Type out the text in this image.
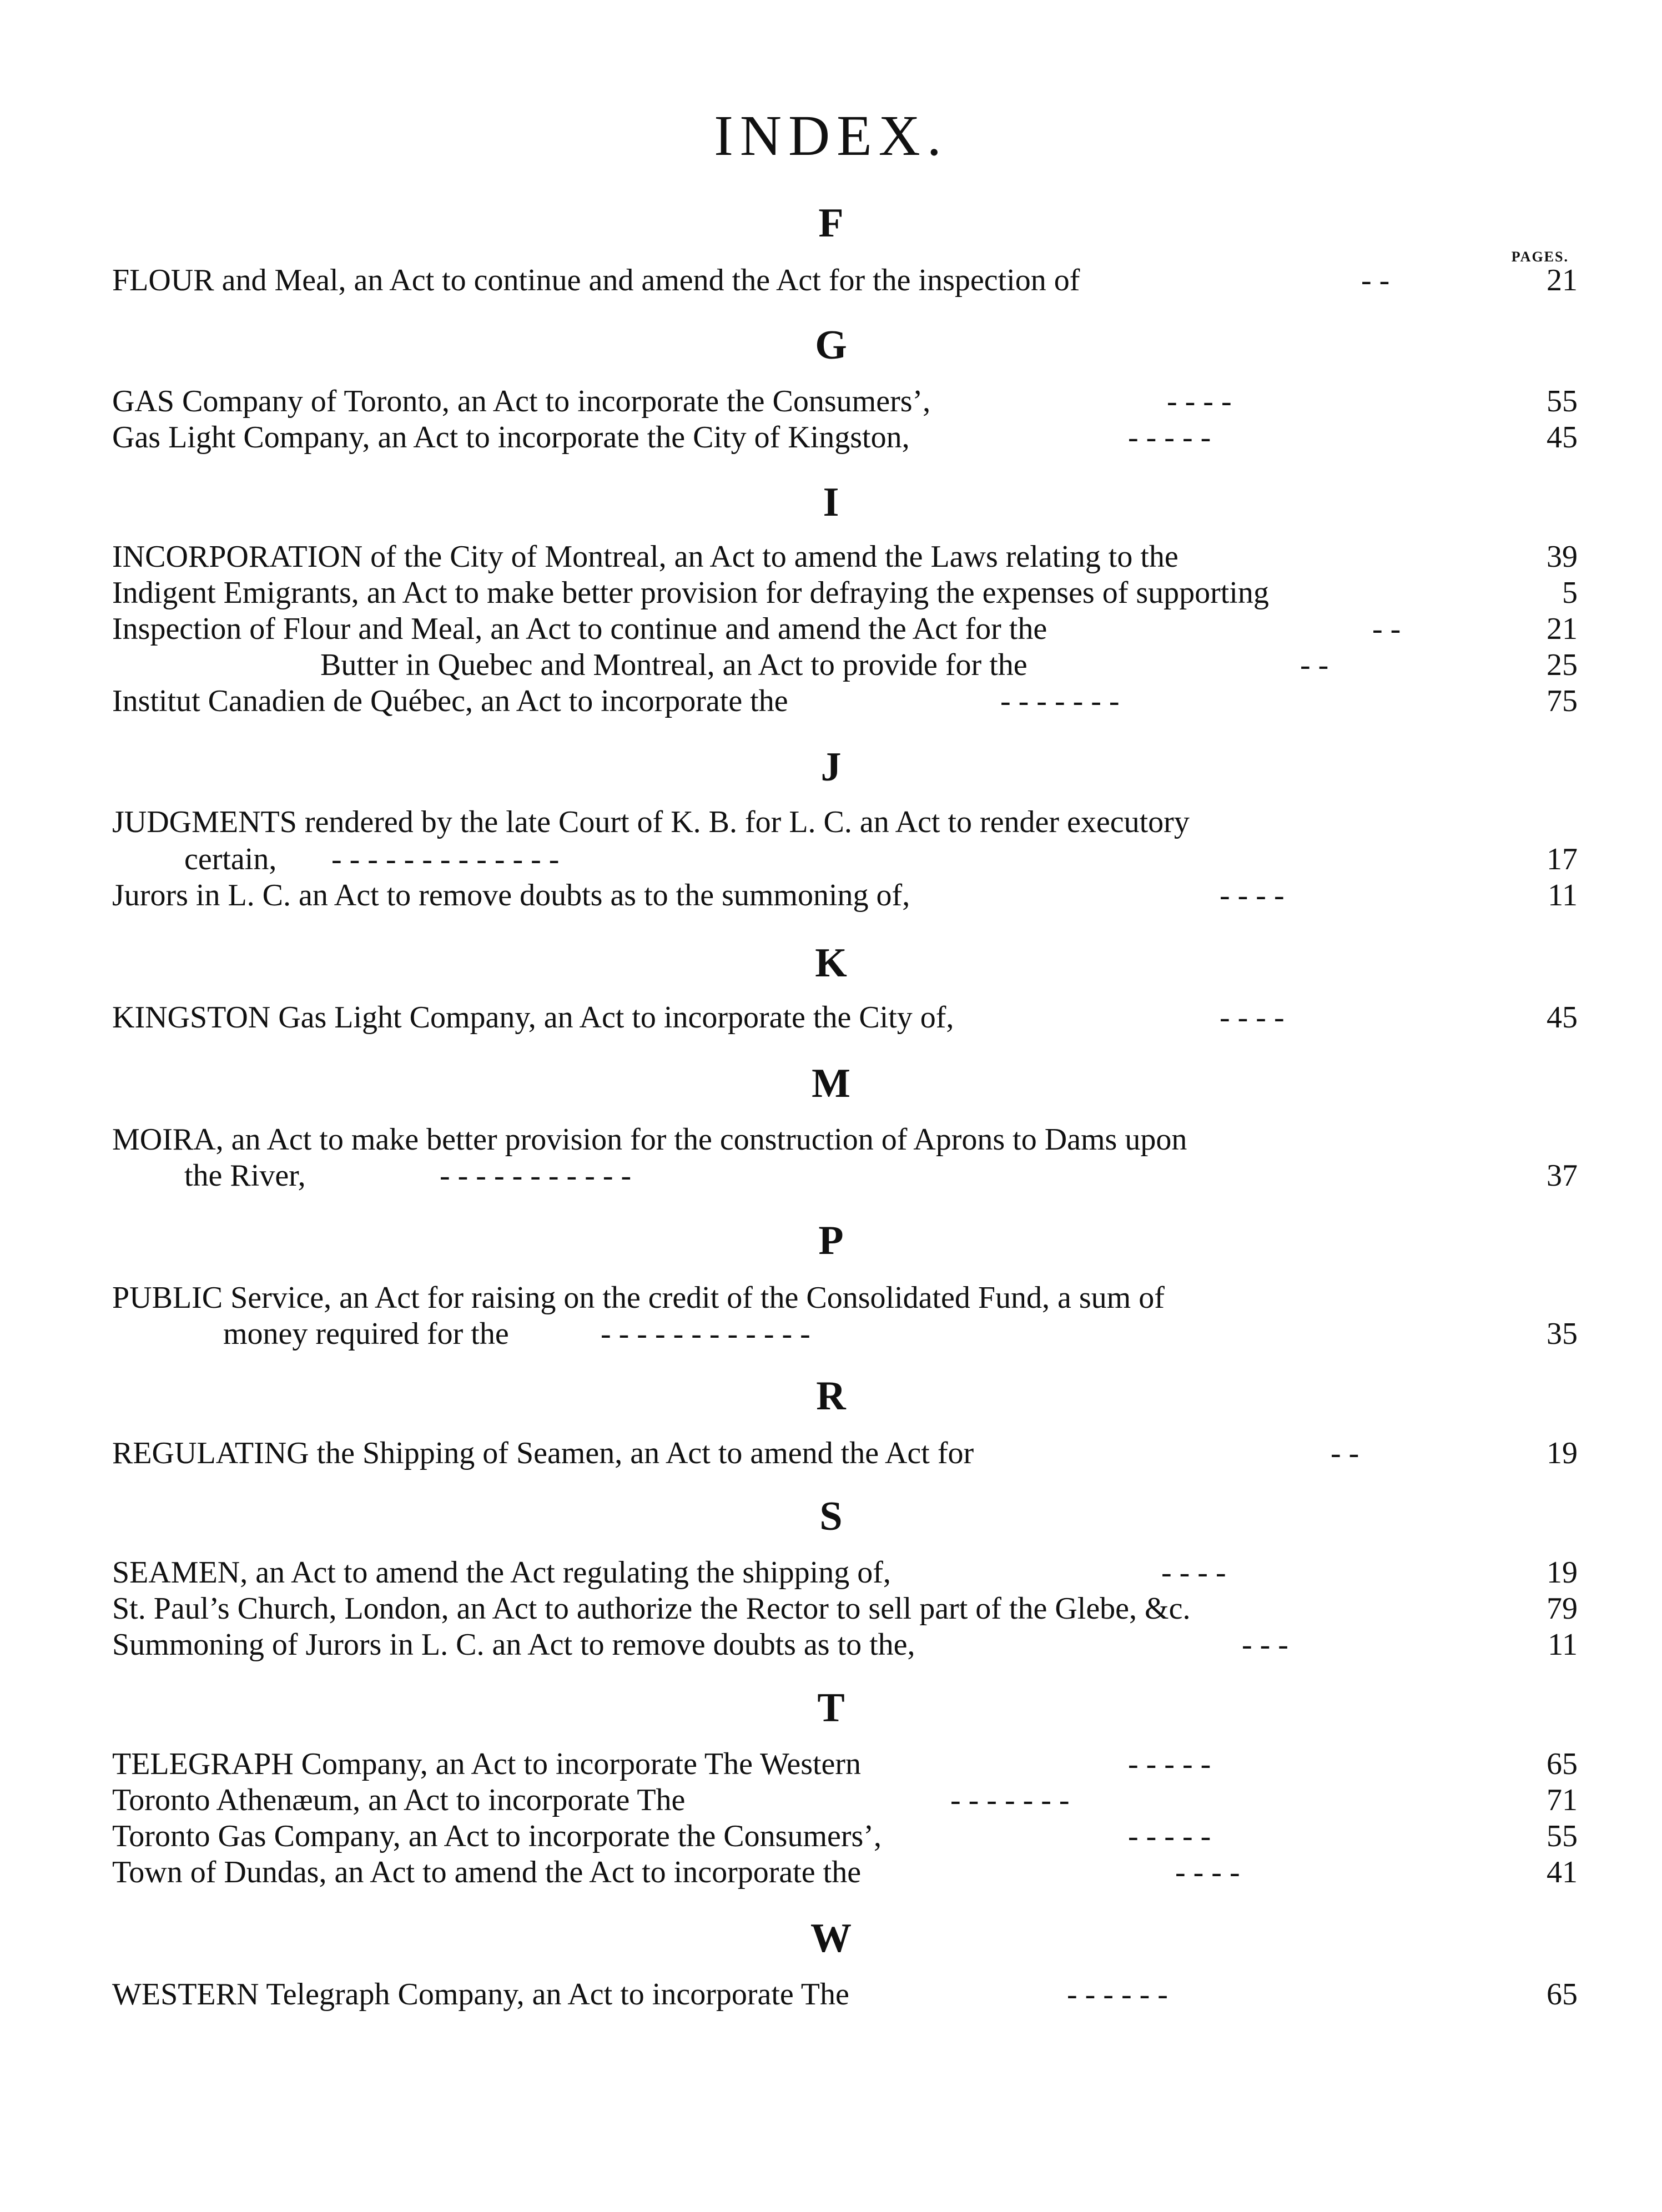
INDEX.
F
PAGES.
FLOUR and Meal, an Act to continue and amend the Act for the inspection of	- -	21
G
GAS Company of Toronto, an Act to incorporate the Consumers’,	- - - -	55
Gas Light Company, an Act to incorporate the City of Kingston,	- - - - -	45
I
INCORPORATION of the City of Montreal, an Act to amend the Laws relating to the	39
Indigent Emigrants, an Act to make better provision for defraying the expenses of supporting	5
Inspection of Flour and Meal, an Act to continue and amend the Act for the	- -	21
Butter in Quebec and Montreal, an Act to provide for the	- -	25
Institut Canadien de Québec, an Act to incorporate the	- - - - - - -	75
J
JUDGMENTS rendered by the late Court of K. B. for L. C. an Act to render executory
certain, - - - - - - - - - - - - -	17
Jurors in L. C. an Act to remove doubts as to the summoning of,	- - - -	11
K
KINGSTON Gas Light Company, an Act to incorporate the City of,	- - - -	45
M
MOIRA, an Act to make better provision for the construction of Aprons to Dams upon
the River,	- - - - - - - - - - -	37
P
PUBLIC Service, an Act for raising on the credit of the Consolidated Fund, a sum of
money required for the	- - - - - - - - - - - -	35
R
REGULATING the Shipping of Seamen, an Act to amend the Act for	- -	19
S
SEAMEN, an Act to amend the Act regulating the shipping of,	- - - -	19
St. Paul’s Church, London, an Act to authorize the Rector to sell part of the Glebe, &c.	79
Summoning of Jurors in L. C. an Act to remove doubts as to the,	- - -	11
T
TELEGRAPH Company, an Act to incorporate The Western	- - - - -	65
Toronto Athenæum, an Act to incorporate The	- - - - - - -	71
Toronto Gas Company, an Act to incorporate the Consumers’,	- - - - -	55
Town of Dundas, an Act to amend the Act to incorporate the	- - - -	41
W
WESTERN Telegraph Company, an Act to incorporate The	- - - - - -	65
